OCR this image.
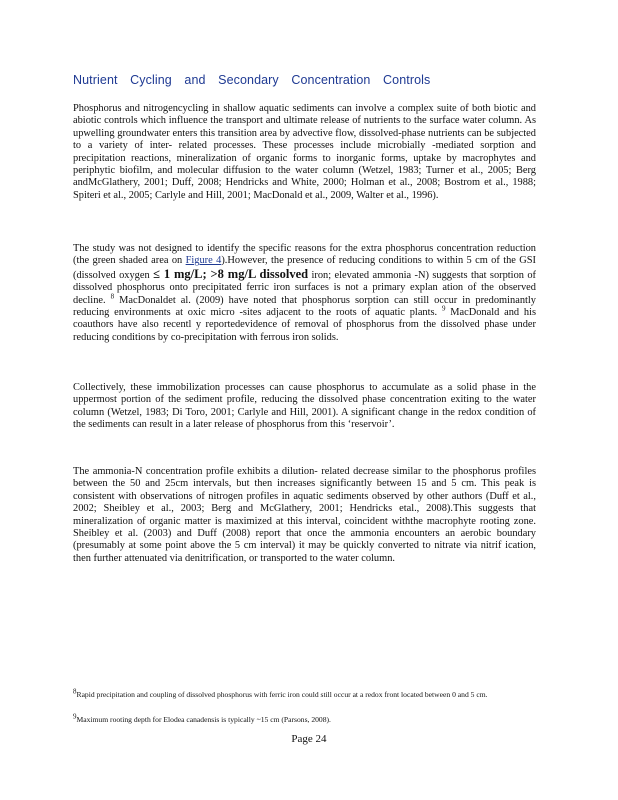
Nutrient Cycling and Secondary Concentration Controls

Phosphorus and nitrogencycling in shallow aquatic sediments can involve a complex suite of both biotic and abiotic controls which influence the transport and ultimate release of nutrients to the surface water column. As upwelling groundwater enters this transition area by advective flow, dissolved-phase nutrients can be subjected to a variety of inter- related processes. These processes include microbially -mediated sorption and precipitation reactions, mineralization of organic forms to inorganic forms, uptake by macrophytes and periphytic biofilm, and molecular diffusion to the water column (Wetzel, 1983; Turner et al., 2005; Berg andMcGlathery, 2001; Duff, 2008; Hendricks and White, 2000; Holman et al., 2008; Bostrom et al., 1988; Spiteri et al., 2005; Carlyle and Hill, 2001; MacDonald et al., 2009, Walter et al., 1996).

The study was not designed to identify the specific reasons for the extra phosphorus concentration reduction (the green shaded area on Figure 4).However, the presence of reducing conditions to within 5 cm of the GSI (dissolved oxygen ≤ 1 mg/L; >8 mg/L dissolved iron; elevated ammonia -N) suggests that sorption of dissolved phosphorus onto precipitated ferric iron surfaces is not a primary explan ation of the observed decline. $^8$ MacDonaldet al. (2009) have noted that phosphorus sorption can still occur in predominantly reducing environments at oxic micro -sites adjacent to the roots of aquatic plants. $^9$ MacDonald and his coauthors have also recentl y reportedevidence of removal of phosphorus from the dissolved phase under reducing conditions by co-precipitation with ferrous iron solids.

Collectively, these immobilization processes can cause phosphorus to accumulate as a solid phase in the uppermost portion of the sediment profile, reducing the dissolved phase concentration exiting to the water column (Wetzel, 1983; Di Toro, 2001; Carlyle and Hill, 2001). A significant change in the redox condition of the sediments can result in a later release of phosphorus from this ‘reservoir’.

The ammonia-N concentration profile exhibits a dilution- related decrease similar to the phosphorus profiles between the 50 and 25cm intervals, but then increases significantly between 15 and 5 cm. This peak is consistent with observations of nitrogen profiles in aquatic sediments observed by other authors (Duff et al., 2002; Sheibley et al., 2003; Berg and McGlathery, 2001; Hendricks etal., 2008).This suggests that mineralization of organic matter is maximized at this interval, coincident withthe macrophyte rooting zone. Sheibley et al. (2003) and Duff (2008) report that once the ammonia encounters an aerobic boundary (presumably at some point above the 5 cm interval) it may be quickly converted to nitrate via nitrif ication, then further attenuated via denitrification, or transported to the water column.

$^8$Rapid precipitation and coupling of dissolved phosphorus with ferric iron could still occur at a redox front located between 0 and 5 cm.

$^9$Maximum rooting depth for Elodea canadensis is typically ~15 cm (Parsons, 2008).

Page 24
